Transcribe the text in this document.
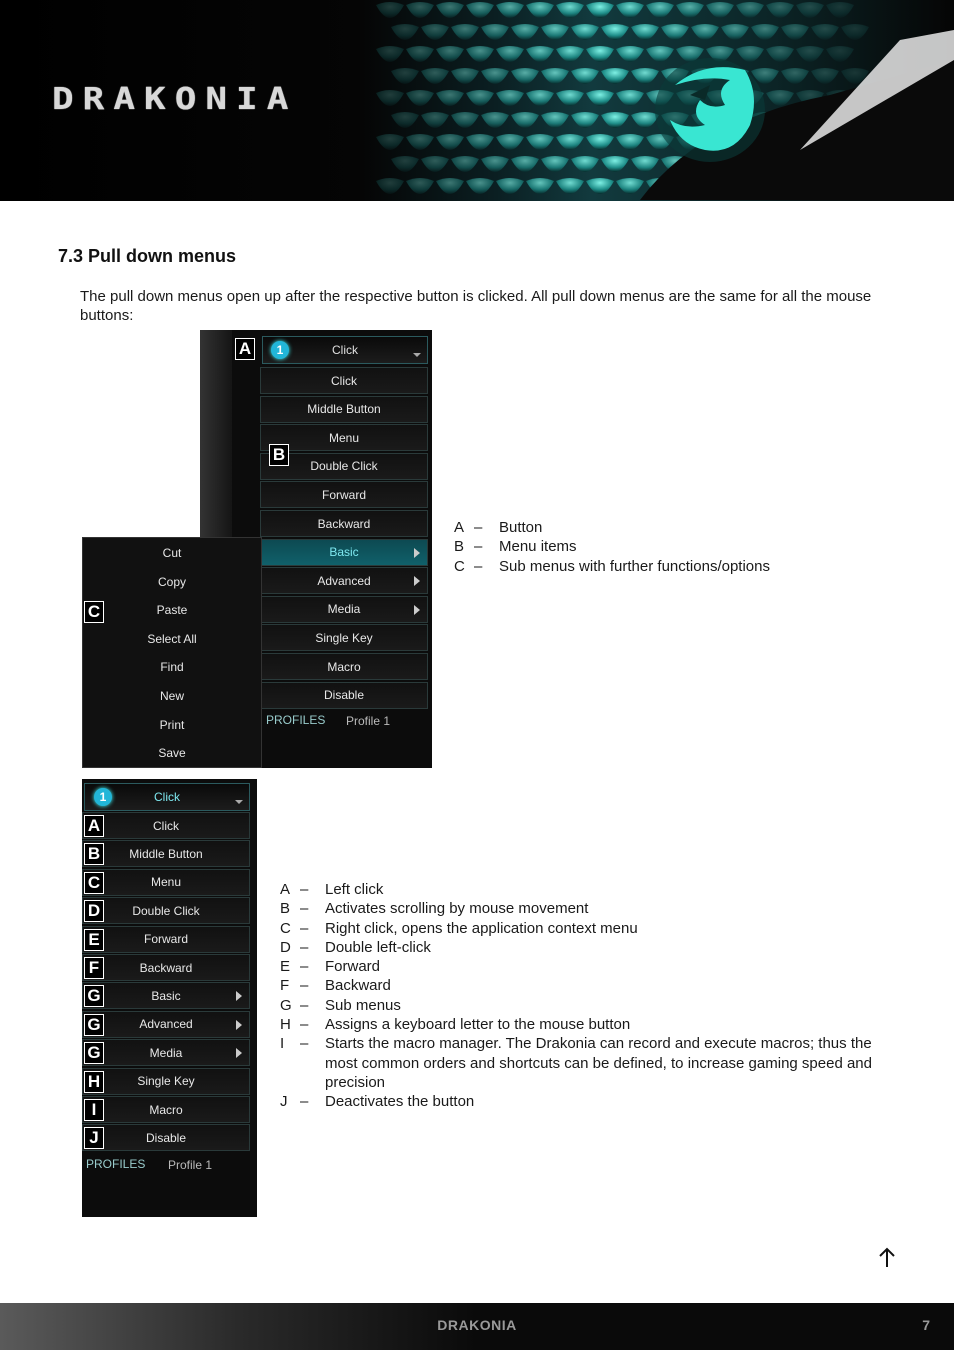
DRAKONIA
7.3 Pull down menus

The pull down menus open up after the respective button is clicked. All pull down menus are the same for all the mouse buttons:

Click
1
Click
Middle Button
Menu
Double Click
Forward
Backward
Basic
Advanced
Media
Single Key
Macro
Disable
PROFILES Profile 1
A
B
C
Cut
Copy
Paste
Select All
Find
New
Print
Save
A –	Button
B –	Menu items
C –	Sub menus with further functions/options
Click
1
Click
A
Middle Button
B
Menu
C
Double Click
D
Forward
E
Backward
F
Basic
G
Advanced
G
Media
G
Single Key
H
Macro
I
Disable
J
PROFILES Profile 1
A –	Left click
B –	Activates scrolling by mouse movement
C –	Right click, opens the application context menu
D –	Double left-click
E –	Forward
F –	Backward
G –	Sub menus
H –	Assigns a keyboard letter to the mouse button
I	–	Starts the macro manager. The Drakonia can record and execute macros; thus the most common orders and shortcuts can be defined, to increase gaming speed and precision
J –	Deactivates the button
DRAKONIA	7
